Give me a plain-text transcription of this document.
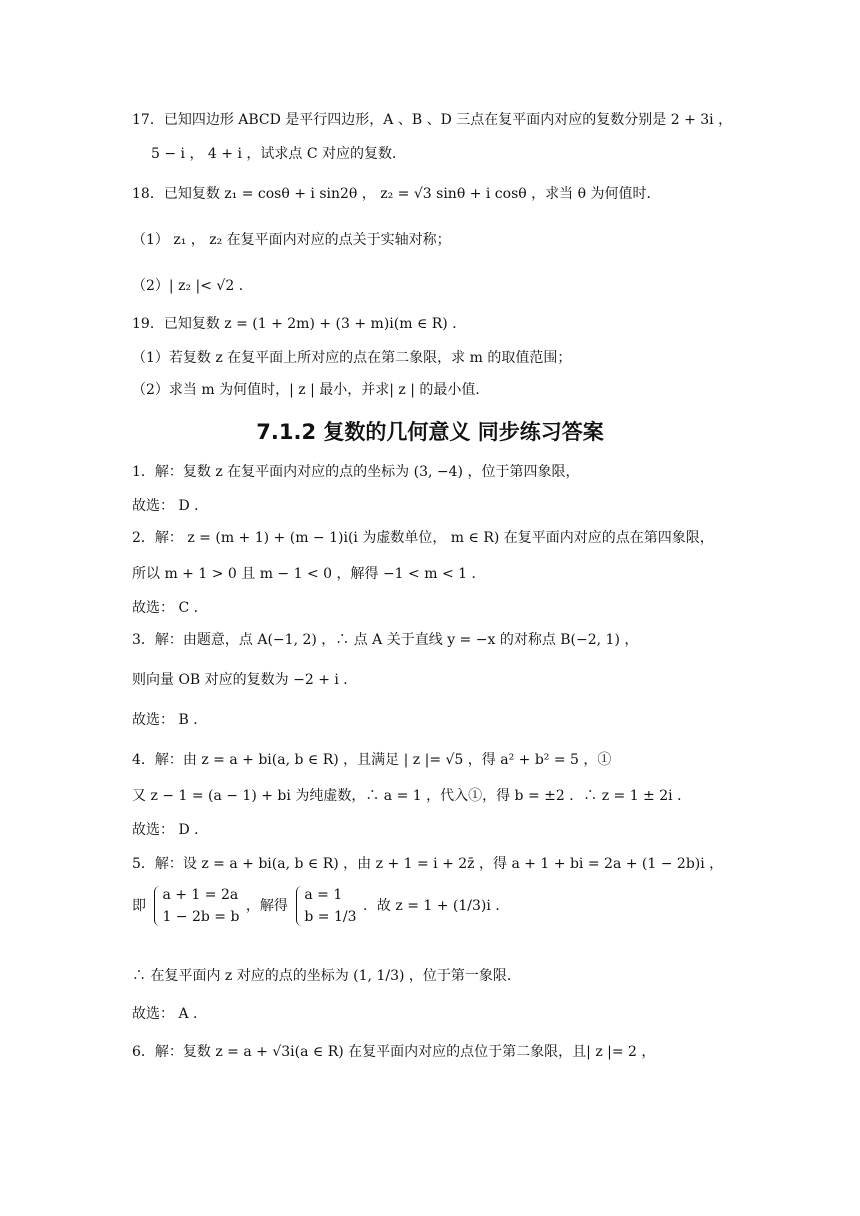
17．已知四边形 ABCD 是平行四边形，A 、B 、D 三点在复平面内对应的复数分别是 2 + 3i ，
5 − i ， 4 + i ，试求点 C 对应的复数．
18．已知复数 z₁ = cosθ + i sin2θ ， z₂ = √3 sinθ + i cosθ ，求当 θ 为何值时．
（1） z₁ ， z₂ 在复平面内对应的点关于实轴对称；
（2）| z₂ |< √2 ．
19．已知复数 z = (1 + 2m) + (3 + m)i(m ∈ R) ．
（1）若复数 z 在复平面上所对应的点在第二象限，求 m 的取值范围；
（2）求当 m 为何值时，| z | 最小，并求| z | 的最小值．
7.1.2 复数的几何意义 同步练习答案
1．解：复数 z 在复平面内对应的点的坐标为 (3, −4) ，位于第四象限，
故选： D ．
2．解： z = (m + 1) + (m − 1)i(i 为虚数单位， m ∈ R) 在复平面内对应的点在第四象限，
所以 m + 1 > 0 且 m − 1 < 0 ，解得 −1 < m < 1 ．
故选： C ．
3．解：由题意，点 A(−1, 2) ，∴ 点 A 关于直线 y = −x 的对称点 B(−2, 1) ，
则向量 OB 对应的复数为 −2 + i ．
故选： B ．
4．解：由 z = a + bi(a, b ∈ R) ，且满足 | z |= √5 ，得 a² + b² = 5 ，①
又 z − 1 = (a − 1) + bi 为纯虚数，∴ a = 1 ，代入①，得 b = ±2 ．∴ z = 1 ± 2i ．
故选： D ．
5．解：设 z = a + bi(a, b ∈ R) ，由 z + 1 = i + 2z̄ ，得 a + 1 + bi = 2a + (1 − 2b)i ，
即
a + 1 = 2a
1 − 2b = b
，解得
a = 1
b = 1/3
．故 z = 1 + (1/3)i ．
∴ 在复平面内 z 对应的点的坐标为 (1, 1/3) ，位于第一象限．
故选： A ．
6．解：复数 z = a + √3i(a ∈ R) 在复平面内对应的点位于第二象限，且| z |= 2 ，
